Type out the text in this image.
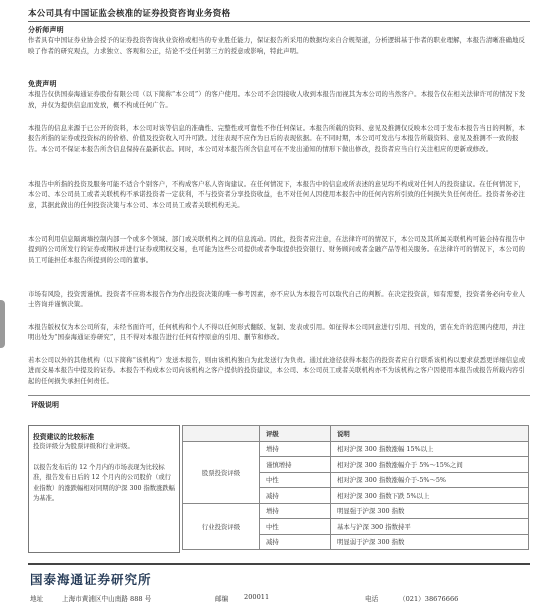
本公司具有中国证监会核准的证券投资咨询业务资格
分析师声明

作者具有中国证券业协会授予的证券投资咨询执业资格或相当的专业胜任能力，保证报告所采用的数据均来自合规渠道，分析逻辑基于作者的职业理解，本报告清晰准确地反映了作者的研究观点，力求独立、客观和公正，结论不受任何第三方的授意或影响，特此声明。

免责声明

本报告仅供国泰海通证券股份有限公司（以下简称“本公司”）的客户使用。本公司不会因接收人收到本报告而视其为本公司的当然客户。本报告仅在相关法律许可的情况下发放，并仅为提供信息而发放，概不构成任何广告。

本报告的信息来源于已公开的资料，本公司对该等信息的准确性、完整性或可靠性不作任何保证。本报告所载的资料、意见及推测仅反映本公司于发布本报告当日的判断，本报告所指的证券或投资标的的价格、价值及投资收入可升可跌。过往表现不应作为日后的表现依据。在不同时期，本公司可发出与本报告所载资料、意见及推测不一致的报告。本公司不保证本报告所含信息保持在最新状态。同时，本公司对本报告所含信息可在不发出通知的情形下做出修改，投资者应当自行关注相应的更新或修改。

本报告中所指的投资及服务可能不适合个别客户，不构成客户私人咨询建议。在任何情况下，本报告中的信息或所表述的意见均不构成对任何人的投资建议。在任何情况下，本公司、本公司员工或者关联机构不承诺投资者一定获利，不与投资者分享投资收益，也不对任何人因使用本报告中的任何内容所引致的任何损失负任何责任。投资者务必注意，其据此做出的任何投资决策与本公司、本公司员工或者关联机构无关。

本公司利用信息隔离墙控制内部一个或多个领域、部门或关联机构之间的信息流动。因此，投资者应注意，在法律许可的情况下，本公司及其所属关联机构可能会持有报告中提到的公司所发行的证券或期权并进行证券或期权交易，也可能为这些公司提供或者争取提供投资银行、财务顾问或者金融产品等相关服务。在法律许可的情况下，本公司的员工可能担任本报告所提到的公司的董事。

市场有风险，投资需谨慎。投资者不应将本报告作为作出投资决策的唯一参考因素，亦不应认为本报告可以取代自己的判断。在决定投资前，如有需要，投资者务必向专业人士咨询并谨慎决策。

本报告版权仅为本公司所有，未经书面许可，任何机构和个人不得以任何形式翻版、复制、发表或引用。如征得本公司同意进行引用、刊发的，需在允许的范围内使用，并注明出处为“国泰海通证券研究”，且不得对本报告进行任何有悖原意的引用、删节和修改。

若本公司以外的其他机构（以下简称“该机构”）发送本报告，则由该机构独自为此发送行为负责。通过此途径获得本报告的投资者应自行联系该机构以要求获悉更详细信息或进而交易本报告中提及的证券。本报告不构成本公司向该机构之客户提供的投资建议，本公司、本公司员工或者关联机构亦不为该机构之客户因使用本报告或报告所载内容引起的任何损失承担任何责任。

评级说明
投资建议的比较标准

投资评级分为股票评级和行业评级。

以报告发布后的 12 个月内的市场表现为比较标准，报告发布日后的 12 个月内的公司股价（或行业指数）的涨跌幅相对同期的沪深 300 指数涨跌幅为基准。

	评级	说明
股票投资评级	增持	相对沪深 300 指数涨幅 15%以上
	谨慎增持	相对沪深 300 指数涨幅介于 5%～15%之间
	中性	相对沪深 300 指数涨幅介于-5%～5%
	减持	相对沪深 300 指数下跌 5%以上
行业投资评级	增持	明显强于沪深 300 指数
	中性	基本与沪深 300 指数持平
	减持	明显弱于沪深 300 指数
国泰海通证券研究所
地址	上海市黄浦区中山南路 888 号	邮编 200011	电话	（021）38676666
